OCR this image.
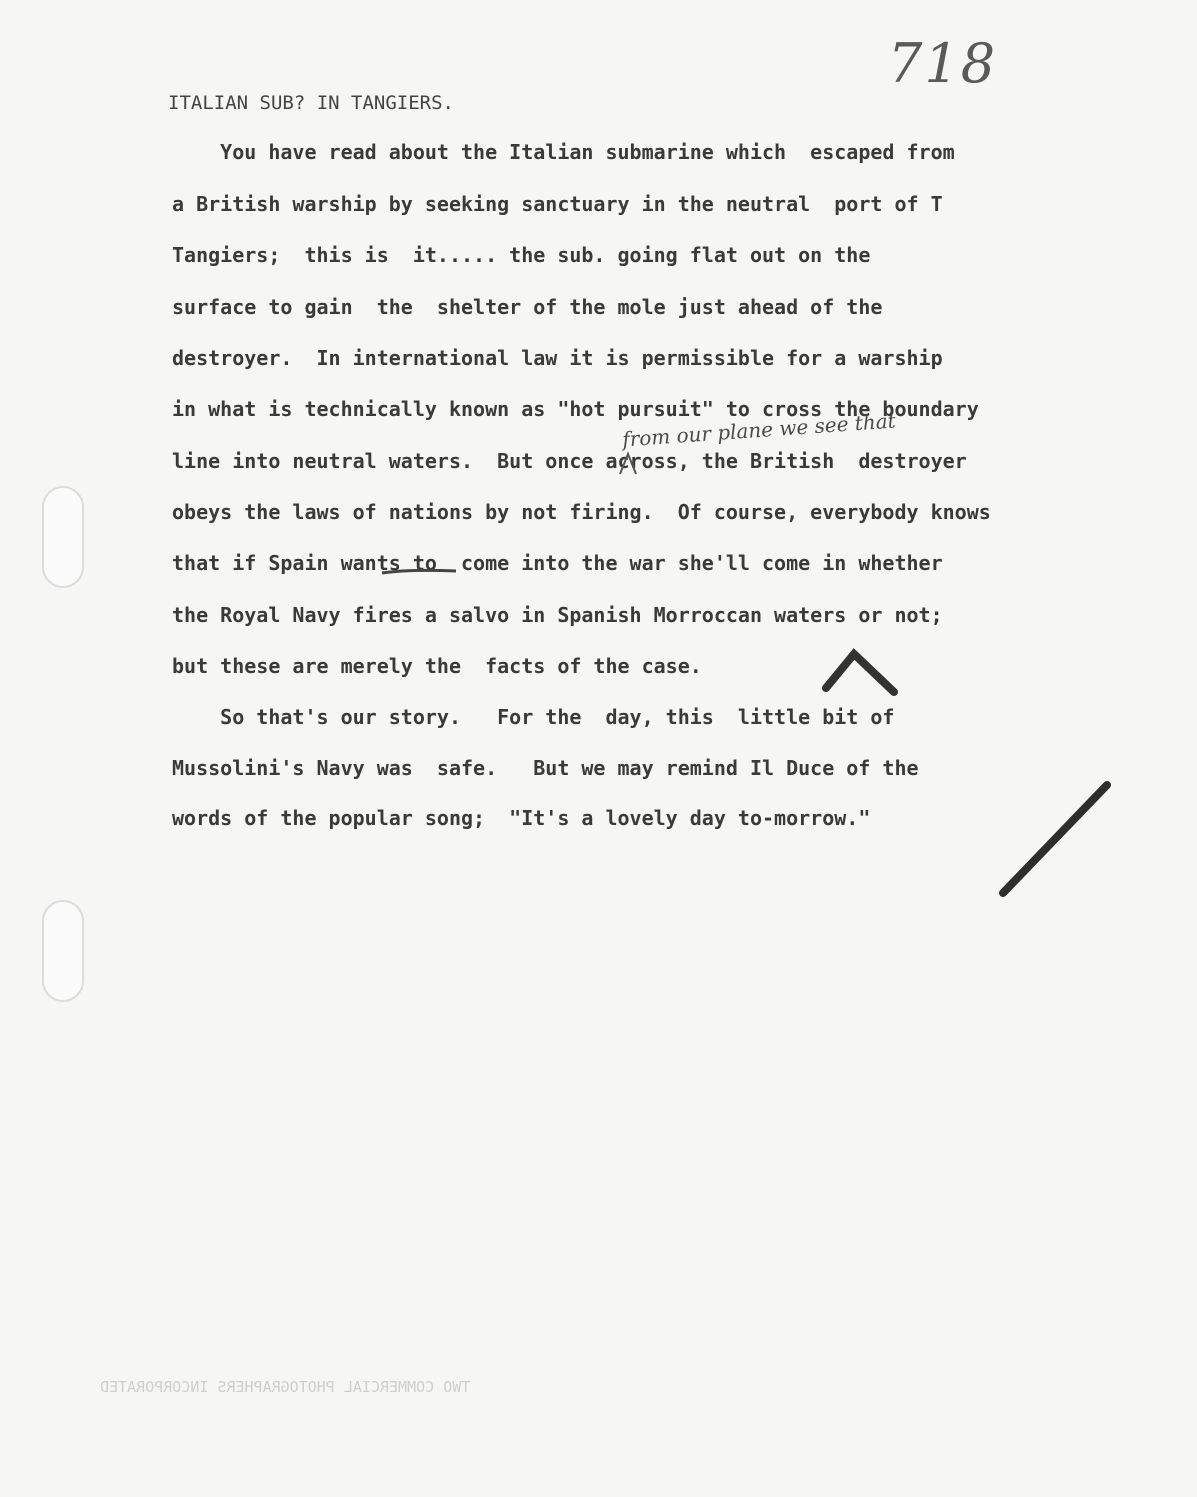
718
ITALIAN SUB? IN TANGIERS.
You have read about the Italian submarine which  escaped from
a British warship by seeking sanctuary in the neutral  port of T
Tangiers;  this is  it..... the sub. going flat out on the
surface to gain  the  shelter of the mole just ahead of the
destroyer.  In international law it is permissible for a warship
in what is technically known as "hot pursuit" to cross the boundary
from our plane we see that
line into neutral waters.  But once across, the British  destroyer
obeys the laws of nations by not firing.  Of course, everybody knows
that if Spain wants to  come into the war she'll come in whether
the Royal Navy fires a salvo in Spanish Morroccan waters or not;
but these are merely the  facts of the case.
So that's our story.   For the  day, this  little bit of
Mussolini's Navy was  safe.   But we may remind Il Duce of the
words of the popular song;  "It's a lovely day to-morrow."
TWO COMMERCIAL PHOTOGRAPHERS INCORPORATED
